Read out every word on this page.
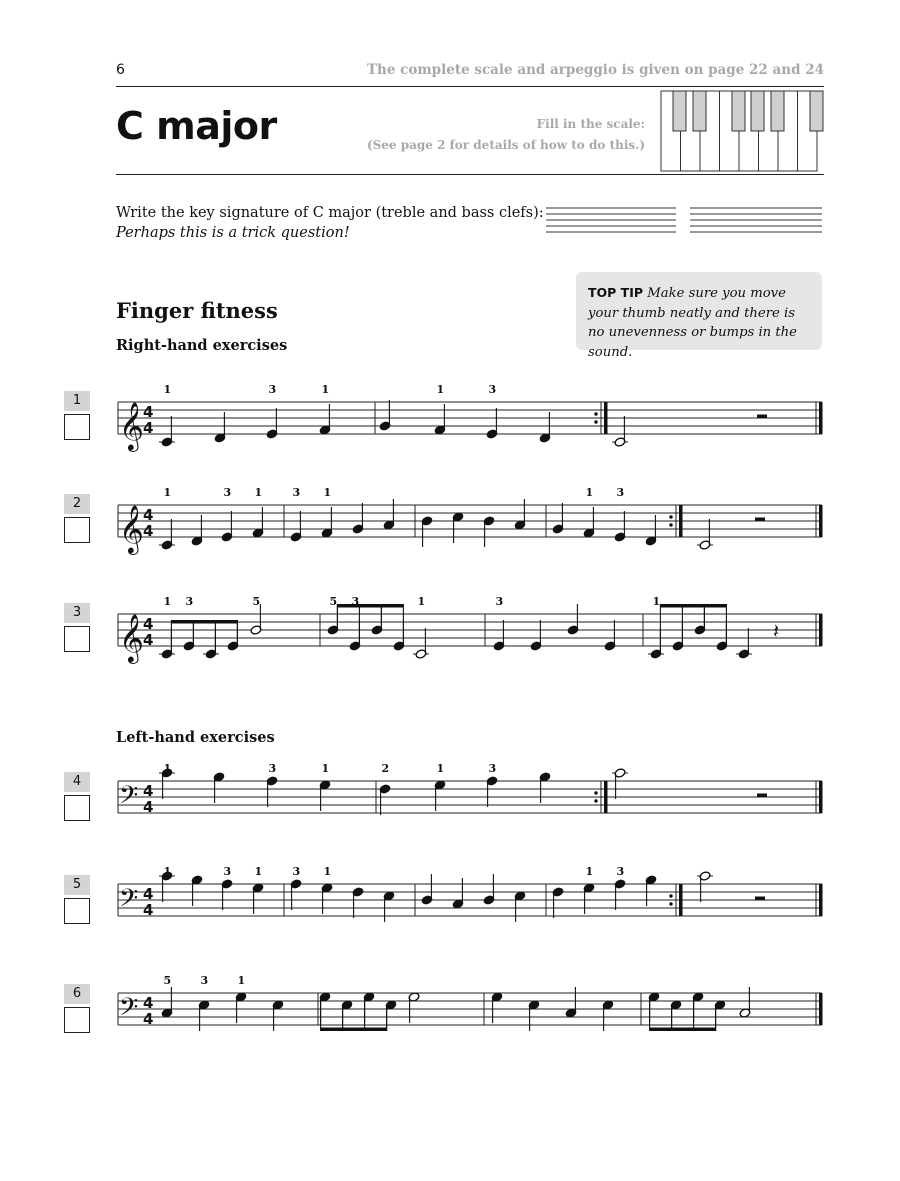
6	The complete scale and arpeggio is given on page 22 and 24
C major	Fill in the scale:
(See page 2 for details of how to do this.)
Write the key signature of C major (treble and bass clefs):
Perhaps this is a trick question!
Finger fitness
Right-hand exercises
Left-hand exercises
TOP TIP Make sure you move your thumb neatly and there is no unevenness or bumps in the sound.
1
2
3
4
5
6
𝄞 4
4
1	3	1	1	3
𝄞 4
4
1	3 1	3 1	1 3
𝄞 4
4	𝄽
1 3	5	5 3	1	3	1
𝄢 4
4
1	3	1	2	1	3
𝄢 4
4
1	3 1	3 1	1 3
𝄢 4
4
5	3	1
